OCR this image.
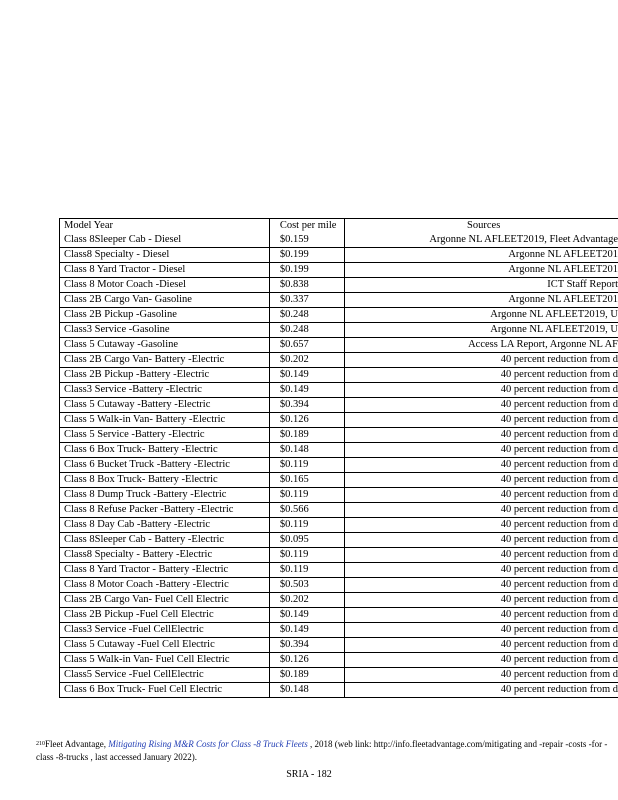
Model Year	Cost per mile	Sources
Class 8Sleeper Cab - Diesel	$0.159	Argonne NL AFLEET2019, Fleet Advantage
Class8 Specialty - Diesel	$0.199	Argonne NL AFLEET201
Class 8 Yard Tractor - Diesel	$0.199	Argonne NL AFLEET201
Class 8 Motor Coach -Diesel	$0.838	ICT Staff Report
Class 2B Cargo Van- Gasoline	$0.337	Argonne NL AFLEET201
Class 2B Pickup -Gasoline	$0.248	Argonne NL AFLEET2019, U
Class3 Service -Gasoline	$0.248	Argonne NL AFLEET2019, U
Class 5 Cutaway -Gasoline	$0.657	Access LA Report, Argonne NL AF
Class 2B Cargo Van- Battery -Electric	$0.202	40 percent reduction from d
Class 2B Pickup -Battery -Electric	$0.149	40 percent reduction from d
Class3 Service -Battery -Electric	$0.149	40 percent reduction from d
Class 5 Cutaway -Battery -Electric	$0.394	40 percent reduction from d
Class 5 Walk-in Van- Battery -Electric	$0.126	40 percent reduction from d
Class 5 Service -Battery -Electric	$0.189	40 percent reduction from d
Class 6 Box Truck- Battery -Electric	$0.148	40 percent reduction from d
Class 6 Bucket Truck -Battery -Electric	$0.119	40 percent reduction from d
Class 8 Box Truck- Battery -Electric	$0.165	40 percent reduction from d
Class 8 Dump Truck -Battery -Electric	$0.119	40 percent reduction from d
Class 8 Refuse Packer -Battery -Electric	$0.566	40 percent reduction from d
Class 8 Day Cab -Battery -Electric	$0.119	40 percent reduction from d
Class 8Sleeper Cab - Battery -Electric	$0.095	40 percent reduction from d
Class8 Specialty - Battery -Electric	$0.119	40 percent reduction from d
Class 8 Yard Tractor - Battery -Electric	$0.119	40 percent reduction from d
Class 8 Motor Coach -Battery -Electric	$0.503	40 percent reduction from d
Class 2B Cargo Van- Fuel Cell Electric	$0.202	40 percent reduction from d
Class 2B Pickup -Fuel Cell Electric	$0.149	40 percent reduction from d
Class3 Service -Fuel CellElectric	$0.149	40 percent reduction from d
Class 5 Cutaway -Fuel Cell Electric	$0.394	40 percent reduction from d
Class 5 Walk-in Van- Fuel Cell Electric	$0.126	40 percent reduction from d
Class5 Service -Fuel CellElectric	$0.189	40 percent reduction from d
Class 6 Box Truck- Fuel Cell Electric	$0.148	40 percent reduction from d
$^{210}$Fleet Advantage, Mitigating Rising M&R Costs for Class -8 Truck Fleets , 2018 (web link: http://info.fleetadvantage.com/mitigating and -repair -costs -for -class -8-trucks , last accessed January 2022).
SRIA - 182
